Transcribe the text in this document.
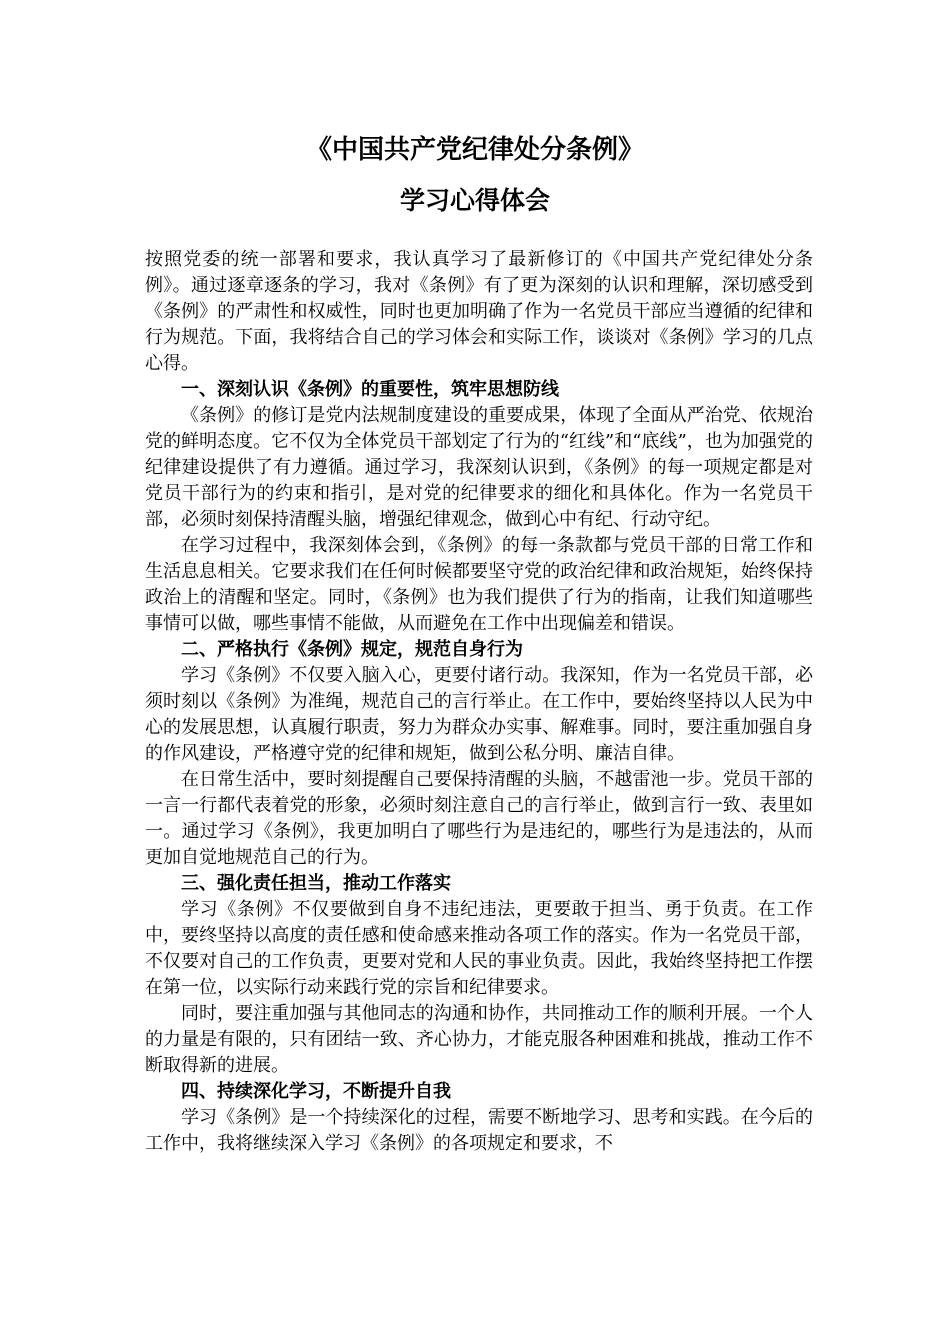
《中国共产党纪律处分条例》
学习心得体会

按照党委的统一部署和要求，我认真学习了最新修订的《中国共产党纪律处分条例》。通过逐章逐条的学习，我对《条例》有了更为深刻的认识和理解，深切感受到《条例》的严肃性和权威性，同时也更加明确了作为一名党员干部应当遵循的纪律和行为规范。下面，我将结合自己的学习体会和实际工作，谈谈对《条例》学习的几点心得。

一、深刻认识《条例》的重要性，筑牢思想防线

《条例》的修订是党内法规制度建设的重要成果，体现了全面从严治党、依规治党的鲜明态度。它不仅为全体党员干部划定了行为的“红线”和“底线”，也为加强党的纪律建设提供了有力遵循。通过学习，我深刻认识到，《条例》的每一项规定都是对党员干部行为的约束和指引，是对党的纪律要求的细化和具体化。作为一名党员干部，必须时刻保持清醒头脑，增强纪律观念，做到心中有纪、行动守纪。

在学习过程中，我深刻体会到，《条例》的每一条款都与党员干部的日常工作和生活息息相关。它要求我们在任何时候都要坚守党的政治纪律和政治规矩，始终保持政治上的清醒和坚定。同时，《条例》也为我们提供了行为的指南，让我们知道哪些事情可以做，哪些事情不能做，从而避免在工作中出现偏差和错误。

二、严格执行《条例》规定，规范自身行为

学习《条例》不仅要入脑入心，更要付诸行动。我深知，作为一名党员干部，必须时刻以《条例》为准绳，规范自己的言行举止。在工作中，要始终坚持以人民为中心的发展思想，认真履行职责，努力为群众办实事、解难事。同时，要注重加强自身的作风建设，严格遵守党的纪律和规矩，做到公私分明、廉洁自律。

在日常生活中，要时刻提醒自己要保持清醒的头脑，不越雷池一步。党员干部的一言一行都代表着党的形象，必须时刻注意自己的言行举止，做到言行一致、表里如一。通过学习《条例》，我更加明白了哪些行为是违纪的，哪些行为是违法的，从而更加自觉地规范自己的行为。

三、强化责任担当，推动工作落实

学习《条例》不仅要做到自身不违纪违法，更要敢于担当、勇于负责。在工作中，要终坚持以高度的责任感和使命感来推动各项工作的落实。作为一名党员干部，不仅要对自己的工作负责，更要对党和人民的事业负责。因此，我始终坚持把工作摆在第一位，以实际行动来践行党的宗旨和纪律要求。

同时，要注重加强与其他同志的沟通和协作，共同推动工作的顺利开展。一个人的力量是有限的，只有团结一致、齐心协力，才能克服各种困难和挑战，推动工作不断取得新的进展。

四、持续深化学习，不断提升自我

学习《条例》是一个持续深化的过程，需要不断地学习、思考和实践。在今后的工作中，我将继续深入学习《条例》的各项规定和要求，不
